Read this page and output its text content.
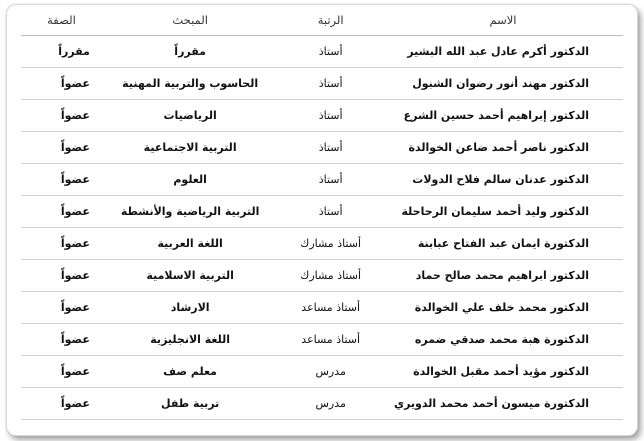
الاسم	الرتبة	المبحث	الصفة
الدكتور أكرم عادل عبد الله البشير	أستاذ	مقرراً	مقرراً
الدكتور مهند أنور رضوان الشبول	أستاذ	الحاسوب والتربية المهنية	عضواً
الدكتور إبراهيم أحمد حسين الشرع	أستاذ	الرياضيات	عضواً
الدكتور ناصر أحمد ضاعن الخوالدة	أستاذ	التربية الاجتماعية	عضواً
الدكتور عدنان سالم فلاح الدولات	أستاذ	العلوم	عضواً
الدكتور وليد أحمد سليمان الرحاحلة	أستاذ	التربية الرياضية والأنشطة	عضواً
الدكتورة ايمان عبد الفتاح عبابنة	أستاذ مشارك	اللغة العربية	عضواً
الدكتور ابراهيم محمد صالح حماد	أستاذ مشارك	التربية الاسلامية	عضواً
الدكتور محمد خلف علي الخوالدة	أستاذ مساعد	الارشاد	عضواً
الدكتورة هبة محمد صدقي ضمره	أستاذ مساعد	اللغة الانجليزية	عضواً
الدكتور مؤيد أحمد مقبل الخوالدة	مدرس	معلم صف	عضواً
الدكتورة ميسون أحمد محمد الدويري	مدرس	تربية طفل	عضواً
